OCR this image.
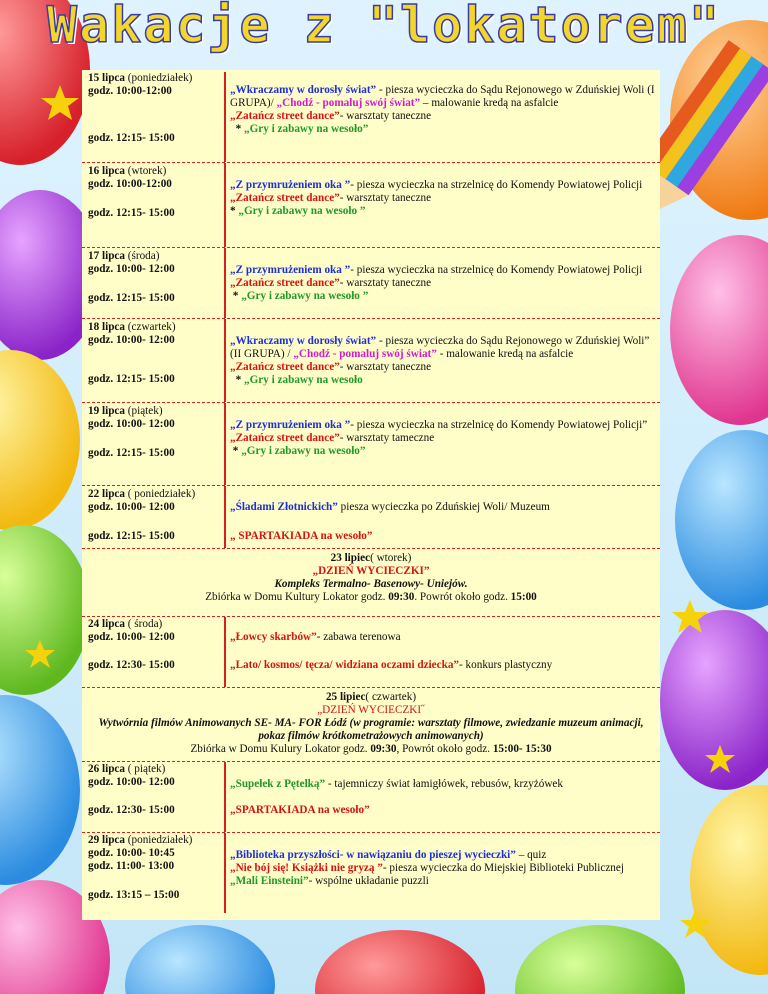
Wakacje z "lokatorem"
15 lipca (poniedziałek)
godz. 10:00-12:00
godz. 12:15- 15:00
„Wkraczamy w dorosły świat” - piesza wycieczka do Sądu Rejonowego w Zduńskiej Woli (I GRUPA)/ „Chodź - pomaluj swój świat” – malowanie kredą na asfalcie
„Zatańcz street dance”- warsztaty taneczne
* „Gry i zabawy na wesoło”
16 lipca (wtorek)
godz. 10:00-12:00
godz. 12:15- 15:00
„Z przymrużeniem oka ”- piesza wycieczka na strzelnicę do Komendy Powiatowej Policji
„Zatańcz street dance”- warsztaty taneczne
* „Gry i zabawy na wesoło ”
17 lipca (środa)
godz. 10:00- 12:00
godz. 12:15- 15:00
„Z przymrużeniem oka ”- piesza wycieczka na strzelnicę do Komendy Powiatowej Policji
„Zatańcz street dance”- warsztaty taneczne
* „Gry i zabawy na wesoło ”
18 lipca (czwartek)
godz. 10:00- 12:00
godz. 12:15- 15:00
„Wkraczamy w dorosły świat” - piesza wycieczka do Sądu Rejonowego w Zduńskiej Woli” (II GRUPA) / „Chodź - pomaluj swój świat” - malowanie kredą na asfalcie
„Zatańcz street dance”- warsztaty taneczne
* „Gry i zabawy na wesoło
19 lipca (piątek)
godz. 10:00- 12:00
godz. 12:15- 15:00
„Z przymrużeniem oka ”- piesza wycieczka na strzelnicę do Komendy Powiatowej Policji”
„Zatańcz street dance”- warsztaty tameczne
* „Gry i zabawy na wesoło”
22 lipca ( poniedziałek)
godz. 10:00- 12:00
godz. 12:15- 15:00
„Śladami Złotnickich” piesza wycieczka po Zduńskiej Woli/ Muzeum
„ SPARTAKIADA na wesoło”
23 lipiec( wtorek)
„DZIEŃ WYCIECZKI”
Kompleks Termalno- Basenowy- Uniejów.
Zbiórka w Domu Kultury Lokator godz. 09:30. Powrót około godz. 15:00
24 lipca ( środa)
godz. 10:00- 12:00
godz. 12:30- 15:00
„Łowcy skarbów”- zabawa terenowa
„Lato/ kosmos/ tęcza/ widziana oczami dziecka”- konkurs plastyczny
25 lipiec( czwartek)
„DZIEŃ WYCIECZKI˝
Wytwórnia filmów Animowanych SE- MA- FOR Łódź (w programie: warsztaty filmowe, zwiedzanie muzeum animacji, pokaz filmów krótkometrażowych animowanych)
Zbiórka w Domu Kulury Lokator godz. 09:30, Powrót około godz. 15:00- 15:30
26 lipca ( piątek)
godz. 10:00- 12:00
godz. 12:30- 15:00
„Supełek z Pętelką” - tajemniczy świat łamigłówek, rebusów, krzyżówek
„SPARTAKIADA na wesoło”
29 lipca (poniedziałek)
godz. 10:00- 10:45
godz. 11:00- 13:00
godz. 13:15 – 15:00
„Biblioteka przyszłości- w nawiązaniu do pieszej wycieczki” – quiz
„Nie bój się! Książki nie gryzą ”- piesza wycieczka do Miejskiej Biblioteki Publicznej
„Mali Einsteini”- wspólne układanie puzzli
